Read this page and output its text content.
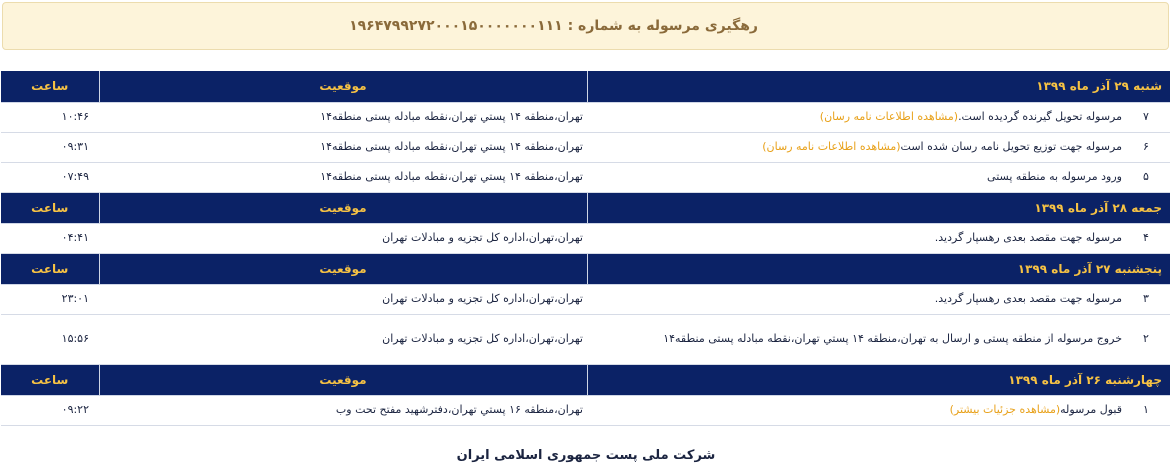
رهگیری مرسوله به شماره : ۱۹۶۴۷۹۹۲۷۲۰۰۰۱۵۰۰۰۰۰۰۰۱۱۱
شنبه ۲۹ آذر ماه ۱۳۹۹	موقعیت	ساعت

۷
مرسوله تحویل گیرنده گردیده است.(مشاهده اطلاعات نامه رسان)	تهران،منطقه ۱۴ پستي تهران،نقطه مبادله پستی منطقه۱۴	۱۰:۴۶

۶
مرسوله جهت توزیع تحویل نامه رسان شده است(مشاهده اطلاعات نامه رسان)	تهران،منطقه ۱۴ پستي تهران،نقطه مبادله پستی منطقه۱۴	۰۹:۳۱

۵
ورود مرسوله به منطقه پستی	تهران،منطقه ۱۴ پستي تهران،نقطه مبادله پستی منطقه۱۴	۰۷:۴۹
جمعه ۲۸ آذر ماه ۱۳۹۹	موقعیت	ساعت

۴
مرسوله جهت مقصد بعدی رهسپار گردید.	تهران،تهران،اداره کل تجزیه و مبادلات تهران	۰۴:۴۱
پنجشنبه ۲۷ آذر ماه ۱۳۹۹	موقعیت	ساعت

۳
مرسوله جهت مقصد بعدی رهسپار گردید.	تهران،تهران،اداره کل تجزیه و مبادلات تهران	۲۳:۰۱

۲
خروج مرسوله از منطقه پستی و ارسال به تهران،منطقه ۱۴ پستي تهران،نقطه مبادله پستی منطقه۱۴	تهران،تهران،اداره کل تجزیه و مبادلات تهران	۱۵:۵۶
چهارشنبه ۲۶ آذر ماه ۱۳۹۹	موقعیت	ساعت

۱
قبول مرسوله(مشاهده جزئیات بیشتر)	تهران،منطقه ۱۶ پستي تهران،دفترشهید مفتح تحت وب	۰۹:۲۲
شرکت ملی پست جمهوری اسلامی ایران
